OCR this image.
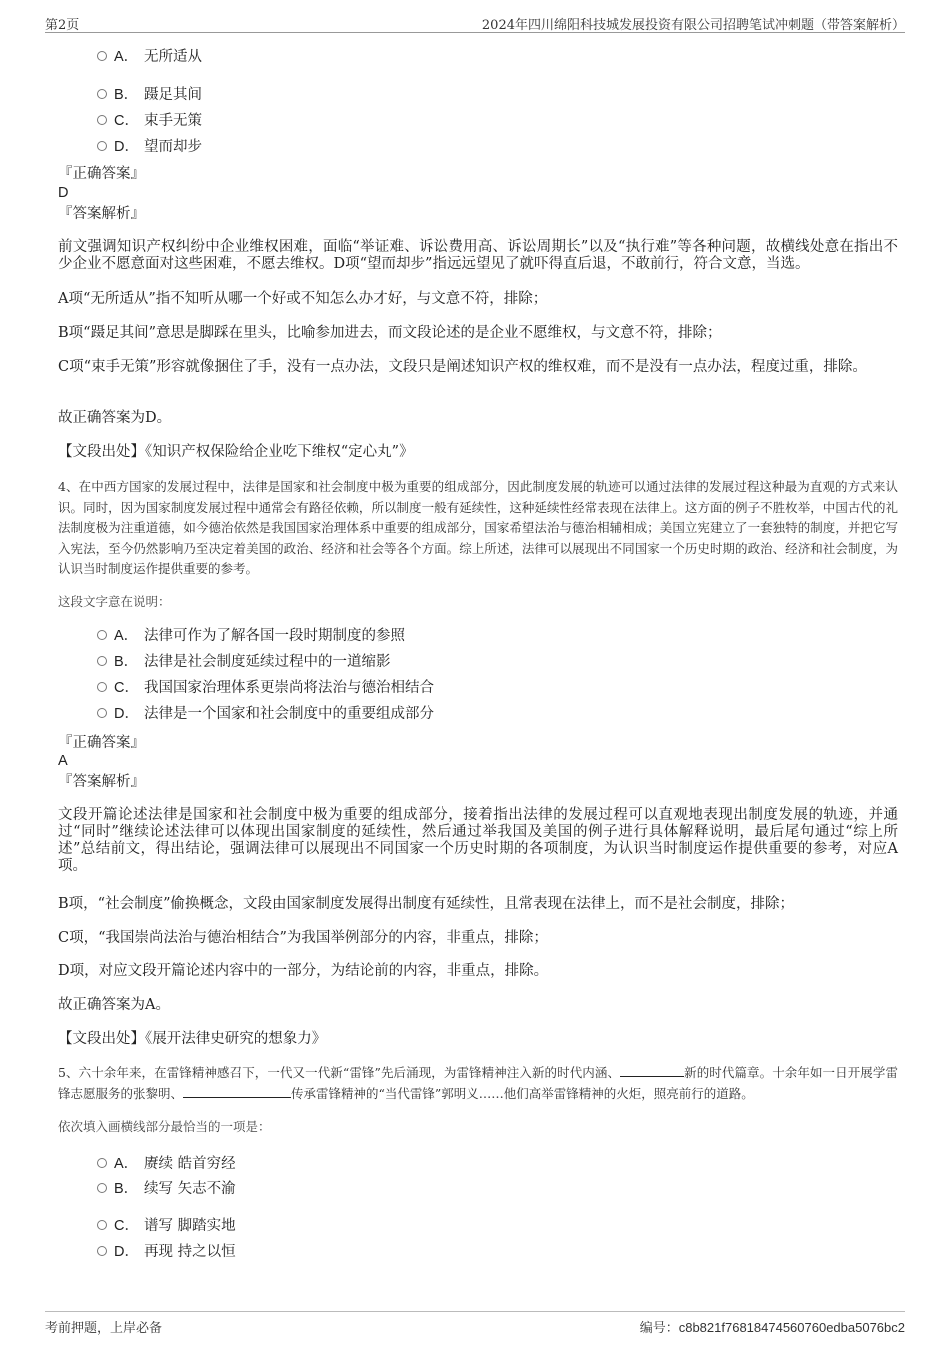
第2页	2024年四川绵阳科技城发展投资有限公司招聘笔试冲刺题（带答案解析）
A． 无所适从
B． 蹑足其间
C． 束手无策
D． 望而却步
『正确答案』
D
『答案解析』
前文强调知识产权纠纷中企业维权困难，面临“举证难、诉讼费用高、诉讼周期长”以及“执行难”等各种问题，故横线处意在指出不少企业不愿意面对这些困难，不愿去维权。D项“望而却步”指远远望见了就吓得直后退，不敢前行，符合文意，当选。
A项“无所适从”指不知听从哪一个好或不知怎么办才好，与文意不符，排除；
B项“蹑足其间”意思是脚踩在里头，比喻参加进去，而文段论述的是企业不愿维权，与文意不符，排除；
C项“束手无策”形容就像捆住了手，没有一点办法，文段只是阐述知识产权的维权难，而不是没有一点办法，程度过重，排除。
故正确答案为D。
【文段出处】《知识产权保险给企业吃下维权“定心丸”》
4、在中西方国家的发展过程中，法律是国家和社会制度中极为重要的组成部分，因此制度发展的轨迹可以通过法律的发展过程这种最为直观的方式来认识。同时，因为国家制度发展过程中通常会有路径依赖，所以制度一般有延续性，这种延续性经常表现在法律上。这方面的例子不胜枚举，中国古代的礼法制度极为注重道德，如今德治依然是我国国家治理体系中重要的组成部分，国家希望法治与德治相辅相成；美国立宪建立了一套独特的制度，并把它写入宪法，至今仍然影响乃至决定着美国的政治、经济和社会等各个方面。综上所述，法律可以展现出不同国家一个历史时期的政治、经济和社会制度，为认识当时制度运作提供重要的参考。
这段文字意在说明：
A． 法律可作为了解各国一段时期制度的参照
B． 法律是社会制度延续过程中的一道缩影
C． 我国国家治理体系更崇尚将法治与德治相结合
D． 法律是一个国家和社会制度中的重要组成部分
『正确答案』
A
『答案解析』
文段开篇论述法律是国家和社会制度中极为重要的组成部分，接着指出法律的发展过程可以直观地表现出制度发展的轨迹，并通过“同时”继续论述法律可以体现出国家制度的延续性，然后通过举我国及美国的例子进行具体解释说明，最后尾句通过“综上所述”总结前文，得出结论，强调法律可以展现出不同国家一个历史时期的各项制度，为认识当时制度运作提供重要的参考，对应A项。
B项，“社会制度”偷换概念，文段由国家制度发展得出制度有延续性，且常表现在法律上，而不是社会制度，排除；
C项，“我国崇尚法治与德治相结合”为我国举例部分的内容，非重点，排除；
D项，对应文段开篇论述内容中的一部分，为结论前的内容，非重点，排除。
故正确答案为A。
【文段出处】《展开法律史研究的想象力》
5、六十余年来，在雷锋精神感召下，一代又一代新“雷锋”先后涌现，为雷锋精神注入新的时代内涵、	新的时代篇章。十余年如一日开展学雷锋志愿服务的张黎明、	传承雷锋精神的“当代雷锋”郭明义……他们高举雷锋精神的火炬，照亮前行的道路。
依次填入画横线部分最恰当的一项是：
A． 赓续 皓首穷经
B． 续写 矢志不渝
C． 谱写 脚踏实地
D． 再现 持之以恒
考前押题，上岸必备	编号：c8b821f76818474560760edba5076bc2
